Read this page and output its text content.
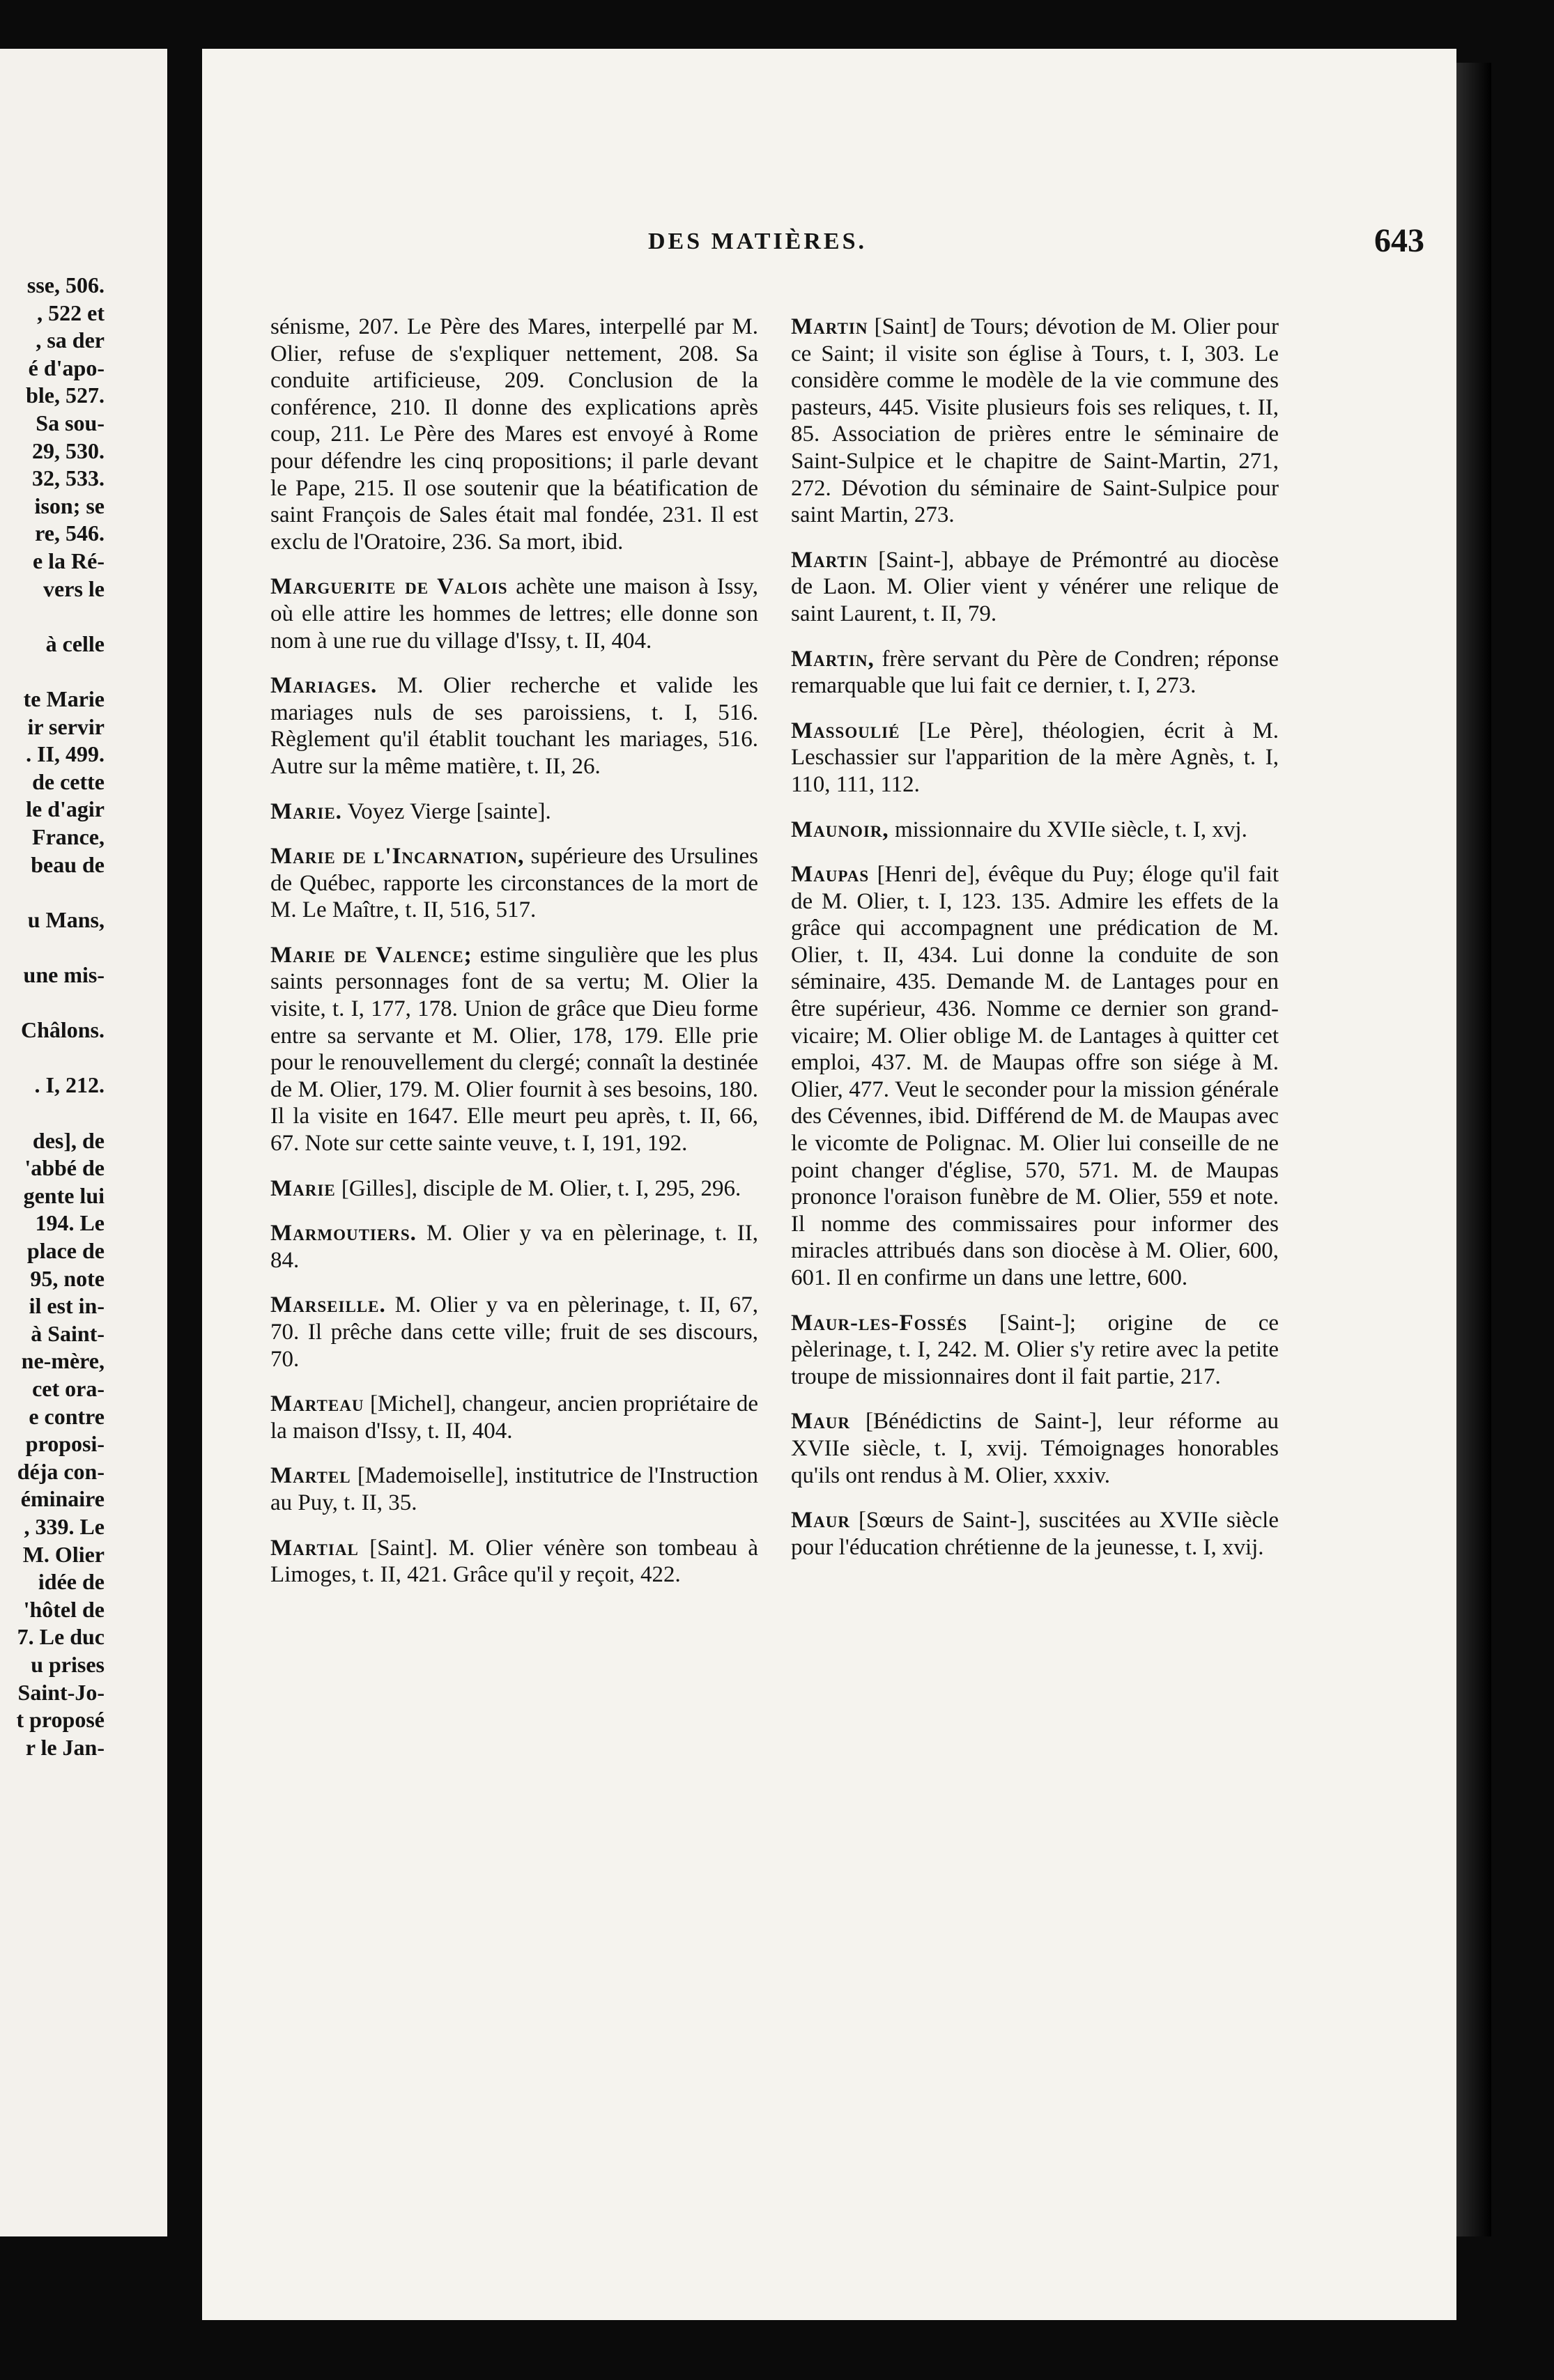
sse, 506.
, 522 et
, sa der
é d'apo-
ble, 527.
Sa sou-
29, 530.
32, 533.
ison; se
re, 546.
e la Ré-
vers le
à celle
te Marie
ir servir
. II, 499.
de cette
le d'agir
France,
beau de
u Mans,
une mis-
Châlons.
. I, 212.
des], de
'abbé de
gente lui
194. Le
place de
95, note
il est in-
à Saint-
ne-mère,
cet ora-
e contre
proposi-
déja con-
éminaire
, 339. Le
M. Olier
idée de
'hôtel de
7. Le duc
u prises
Saint-Jo-
t proposé
r le Jan-
DES MATIÈRES.	643

sénisme, 207. Le Père des Mares, interpellé par M. Olier, refuse de s'expliquer nettement, 208. Sa conduite artificieuse, 209. Conclusion de la conférence, 210. Il donne des explications après coup, 211. Le Père des Mares est envoyé à Rome pour défendre les cinq propositions; il parle devant le Pape, 215. Il ose soutenir que la béatification de saint François de Sales était mal fondée, 231. Il est exclu de l'Oratoire, 236. Sa mort, ibid.

Marguerite de Valois achète une maison à Issy, où elle attire les hommes de lettres; elle donne son nom à une rue du village d'Issy, t. II, 404.

Mariages. M. Olier recherche et valide les mariages nuls de ses paroissiens, t. I, 516. Règlement qu'il établit touchant les mariages, 516. Autre sur la même matière, t. II, 26.

Marie. Voyez Vierge [sainte].

Marie de l'Incarnation, supérieure des Ursulines de Québec, rapporte les circonstances de la mort de M. Le Maître, t. II, 516, 517.

Marie de Valence; estime singulière que les plus saints personnages font de sa vertu; M. Olier la visite, t. I, 177, 178. Union de grâce que Dieu forme entre sa servante et M. Olier, 178, 179. Elle prie pour le renouvellement du clergé; connaît la destinée de M. Olier, 179. M. Olier fournit à ses besoins, 180. Il la visite en 1647. Elle meurt peu après, t. II, 66, 67. Note sur cette sainte veuve, t. I, 191, 192.

Marie [Gilles], disciple de M. Olier, t. I, 295, 296.

Marmoutiers. M. Olier y va en pèlerinage, t. II, 84.

Marseille. M. Olier y va en pèlerinage, t. II, 67, 70. Il prêche dans cette ville; fruit de ses discours, 70.

Marteau [Michel], changeur, ancien propriétaire de la maison d'Issy, t. II, 404.

Martel [Mademoiselle], institutrice de l'Instruction au Puy, t. II, 35.

Martial [Saint]. M. Olier vénère son tombeau à Limoges, t. II, 421. Grâce qu'il y reçoit, 422.

Martin [Saint] de Tours; dévotion de M. Olier pour ce Saint; il visite son église à Tours, t. I, 303. Le considère comme le modèle de la vie commune des pasteurs, 445. Visite plusieurs fois ses reliques, t. II, 85. Association de prières entre le séminaire de Saint-Sulpice et le chapitre de Saint-Martin, 271, 272. Dévotion du séminaire de Saint-Sulpice pour saint Martin, 273.

Martin [Saint-], abbaye de Prémontré au diocèse de Laon. M. Olier vient y vénérer une relique de saint Laurent, t. II, 79.

Martin, frère servant du Père de Condren; réponse remarquable que lui fait ce dernier, t. I, 273.

Massoulié [Le Père], théologien, écrit à M. Leschassier sur l'apparition de la mère Agnès, t. I, 110, 111, 112.

Maunoir, missionnaire du XVIIe siècle, t. I, xvj.

Maupas [Henri de], évêque du Puy; éloge qu'il fait de M. Olier, t. I, 123. 135. Admire les effets de la grâce qui accompagnent une prédication de M. Olier, t. II, 434. Lui donne la conduite de son séminaire, 435. Demande M. de Lantages pour en être supérieur, 436. Nomme ce dernier son grand-vicaire; M. Olier oblige M. de Lantages à quitter cet emploi, 437. M. de Maupas offre son siége à M. Olier, 477. Veut le seconder pour la mission générale des Cévennes, ibid. Différend de M. de Maupas avec le vicomte de Polignac. M. Olier lui conseille de ne point changer d'église, 570, 571. M. de Maupas prononce l'oraison funèbre de M. Olier, 559 et note. Il nomme des commissaires pour informer des miracles attribués dans son diocèse à M. Olier, 600, 601. Il en confirme un dans une lettre, 600.

Maur-les-Fossés [Saint-]; origine de ce pèlerinage, t. I, 242. M. Olier s'y retire avec la petite troupe de missionnaires dont il fait partie, 217.

Maur [Bénédictins de Saint-], leur réforme au XVIIe siècle, t. I, xvij. Témoignages honorables qu'ils ont rendus à M. Olier, xxxiv.

Maur [Sœurs de Saint-], suscitées au XVIIe siècle pour l'éducation chrétienne de la jeunesse, t. I, xvij.
